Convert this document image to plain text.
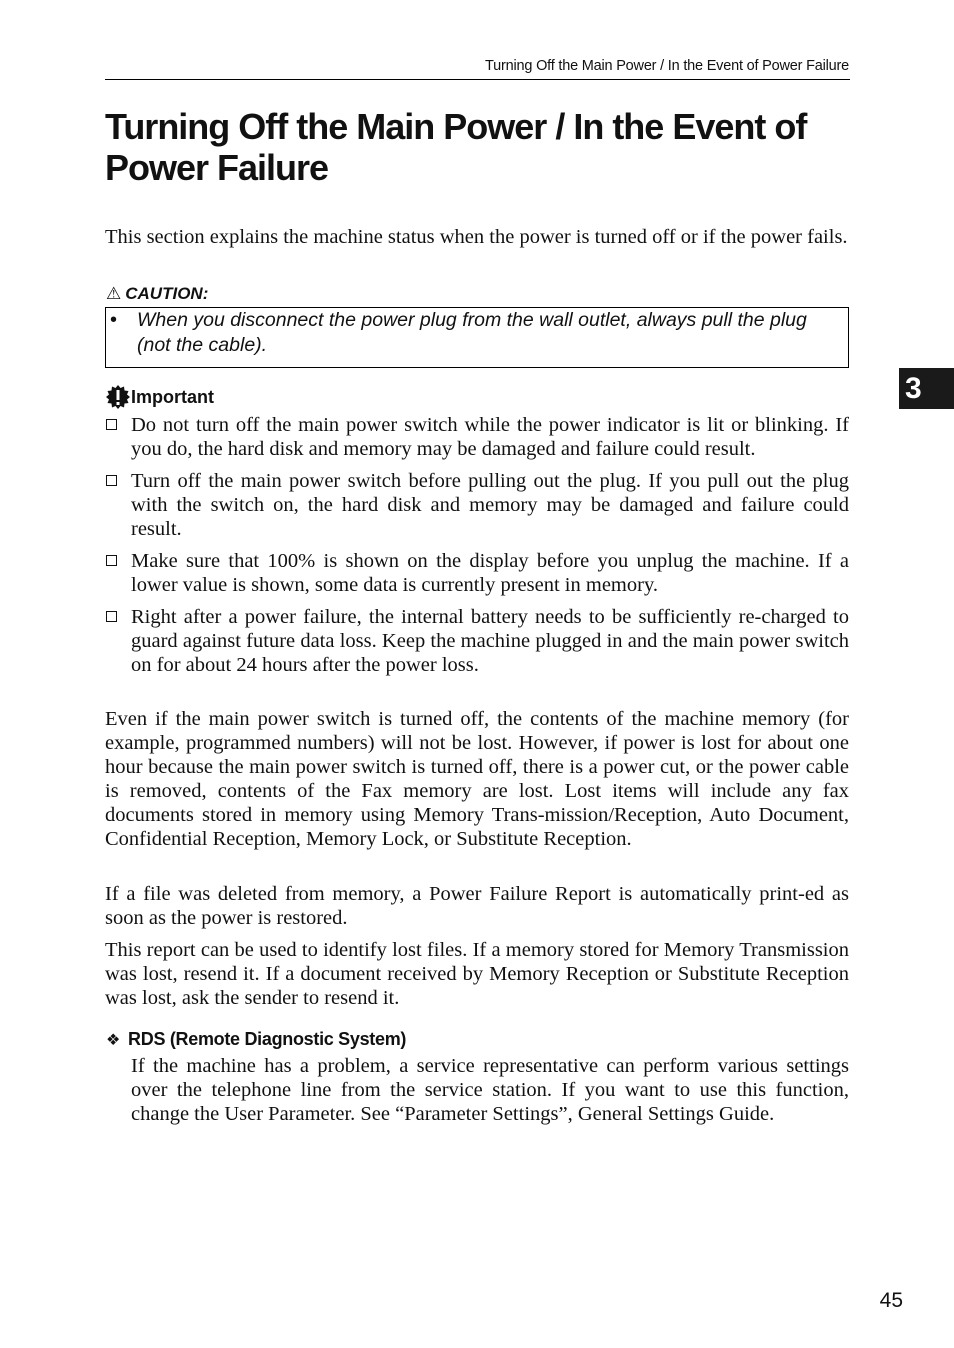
Turning Off the Main Power / In the Event of Power Failure
Turning Off the Main Power / In the Event of
Power Failure

This section explains the machine status when the power is turned off or if the power fails.

⚠ CAUTION:
• When you disconnect the power plug from the wall outlet, always pull the plug (not the cable).

Important
Do not turn off the main power switch while the power indicator is lit or blinking. If you do, the hard disk and memory may be damaged and failure could result.
Turn off the main power switch before pulling out the plug. If you pull out the plug with the switch on, the hard disk and memory may be damaged and failure could result.
Make sure that 100% is shown on the display before you unplug the machine. If a lower value is shown, some data is currently present in memory.
Right after a power failure, the internal battery needs to be sufficiently re-charged to guard against future data loss. Keep the machine plugged in and the main power switch on for about 24 hours after the power loss.

Even if the main power switch is turned off, the contents of the machine memory (for example, programmed numbers) will not be lost. However, if power is lost for about one hour because the main power switch is turned off, there is a power cut, or the power cable is removed, contents of the Fax memory are lost. Lost items will include any fax documents stored in memory using Memory Trans-mission/Reception, Auto Document, Confidential Reception, Memory Lock, or Substitute Reception.

If a file was deleted from memory, a Power Failure Report is automatically print-ed as soon as the power is restored.

This report can be used to identify lost files. If a memory stored for Memory Transmission was lost, resend it. If a document received by Memory Reception or Substitute Reception was lost, ask the sender to resend it.

❖ RDS (Remote Diagnostic System)

If the machine has a problem, a service representative can perform various settings over the telephone line from the service station. If you want to use this function, change the User Parameter. See “Parameter Settings”, General Settings Guide.

3
45
